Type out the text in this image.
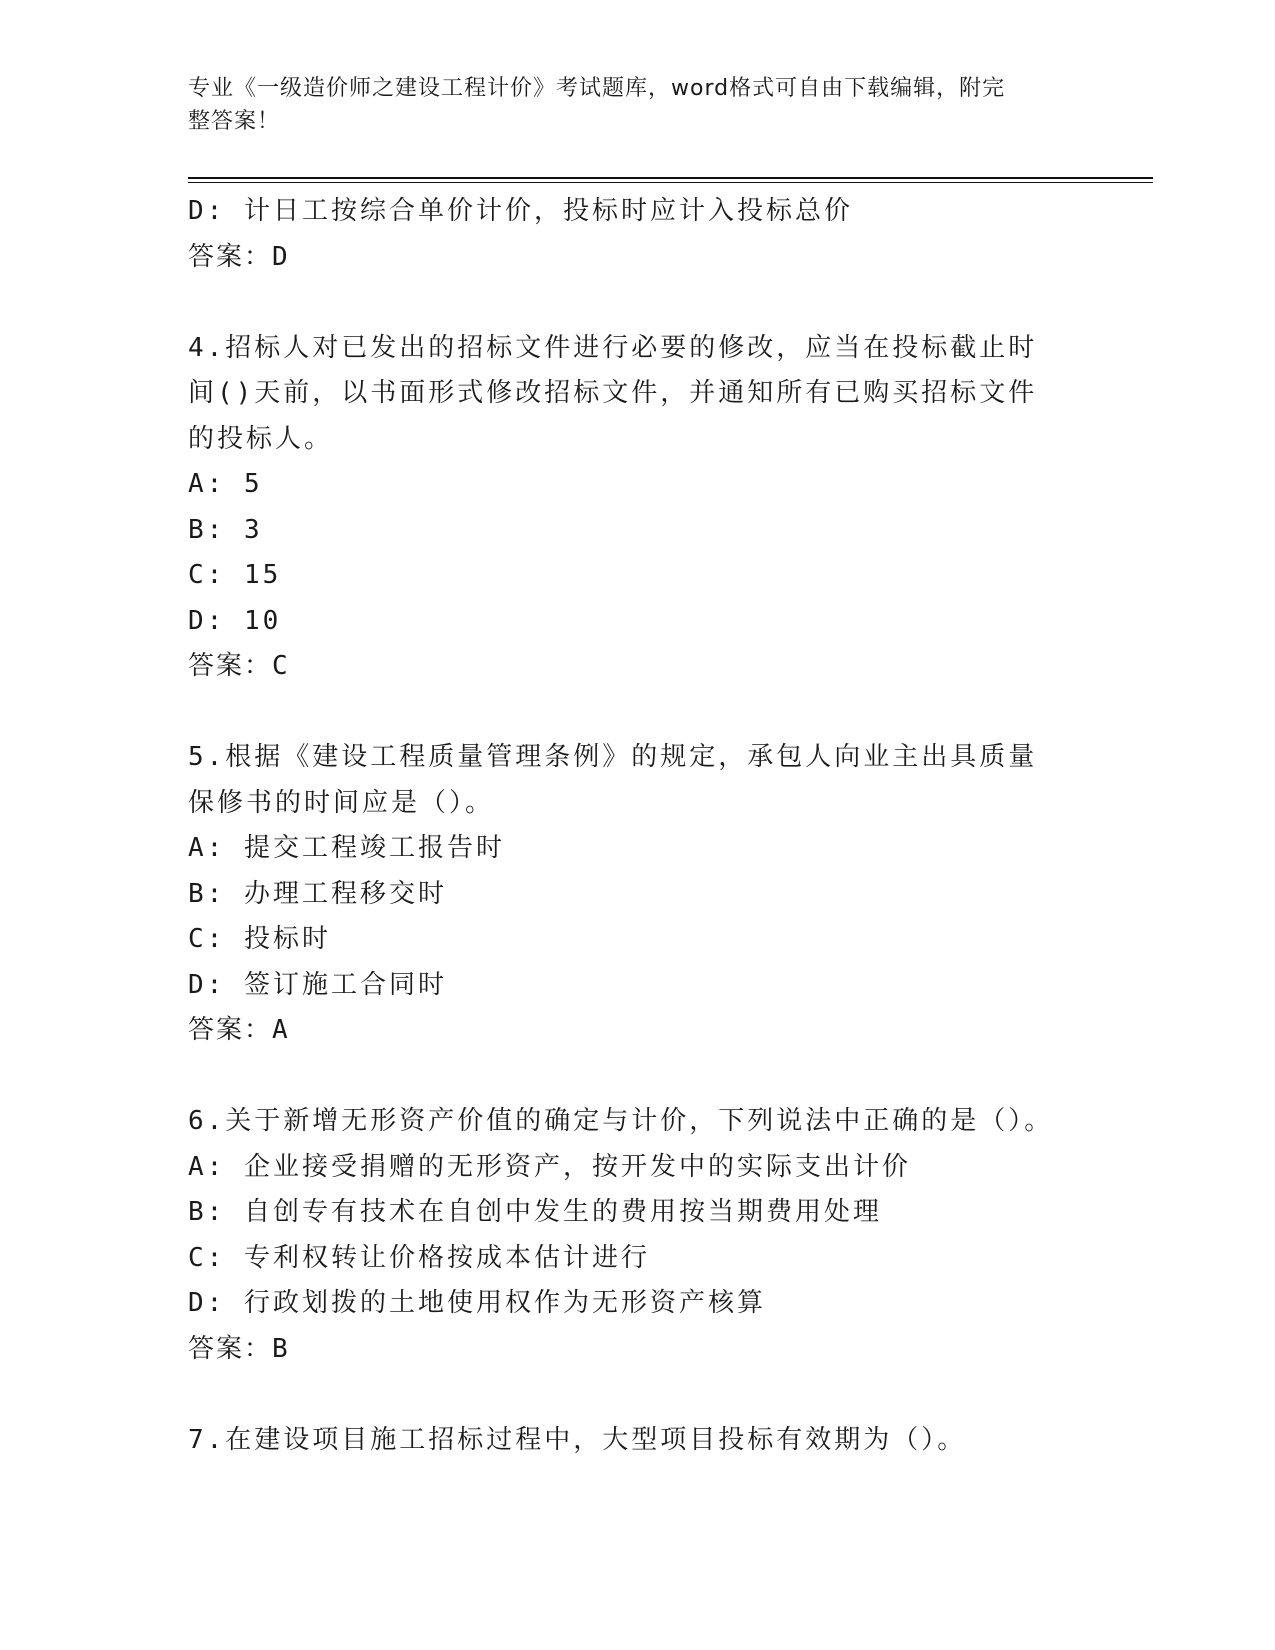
专业《一级造价师之建设工程计价》考试题库，word格式可自由下载编辑，附完
整答案！
D: 计日工按综合单价计价，投标时应计入投标总价
答案：D
4.招标人对已发出的招标文件进行必要的修改，应当在投标截止时间()天前，以书面形式修改招标文件，并通知所有已购买招标文件的投标人。
A: 5
B: 3
C: 15
D: 10
答案：C
5.根据《建设工程质量管理条例》的规定，承包人向业主出具质量保修书的时间应是（）。
A: 提交工程竣工报告时
B: 办理工程移交时
C: 投标时
D: 签订施工合同时
答案：A
6.关于新增无形资产价值的确定与计价，下列说法中正确的是（）。
A: 企业接受捐赠的无形资产，按开发中的实际支出计价
B: 自创专有技术在自创中发生的费用按当期费用处理
C: 专利权转让价格按成本估计进行
D: 行政划拨的土地使用权作为无形资产核算
答案：B
7.在建设项目施工招标过程中，大型项目投标有效期为（）。
